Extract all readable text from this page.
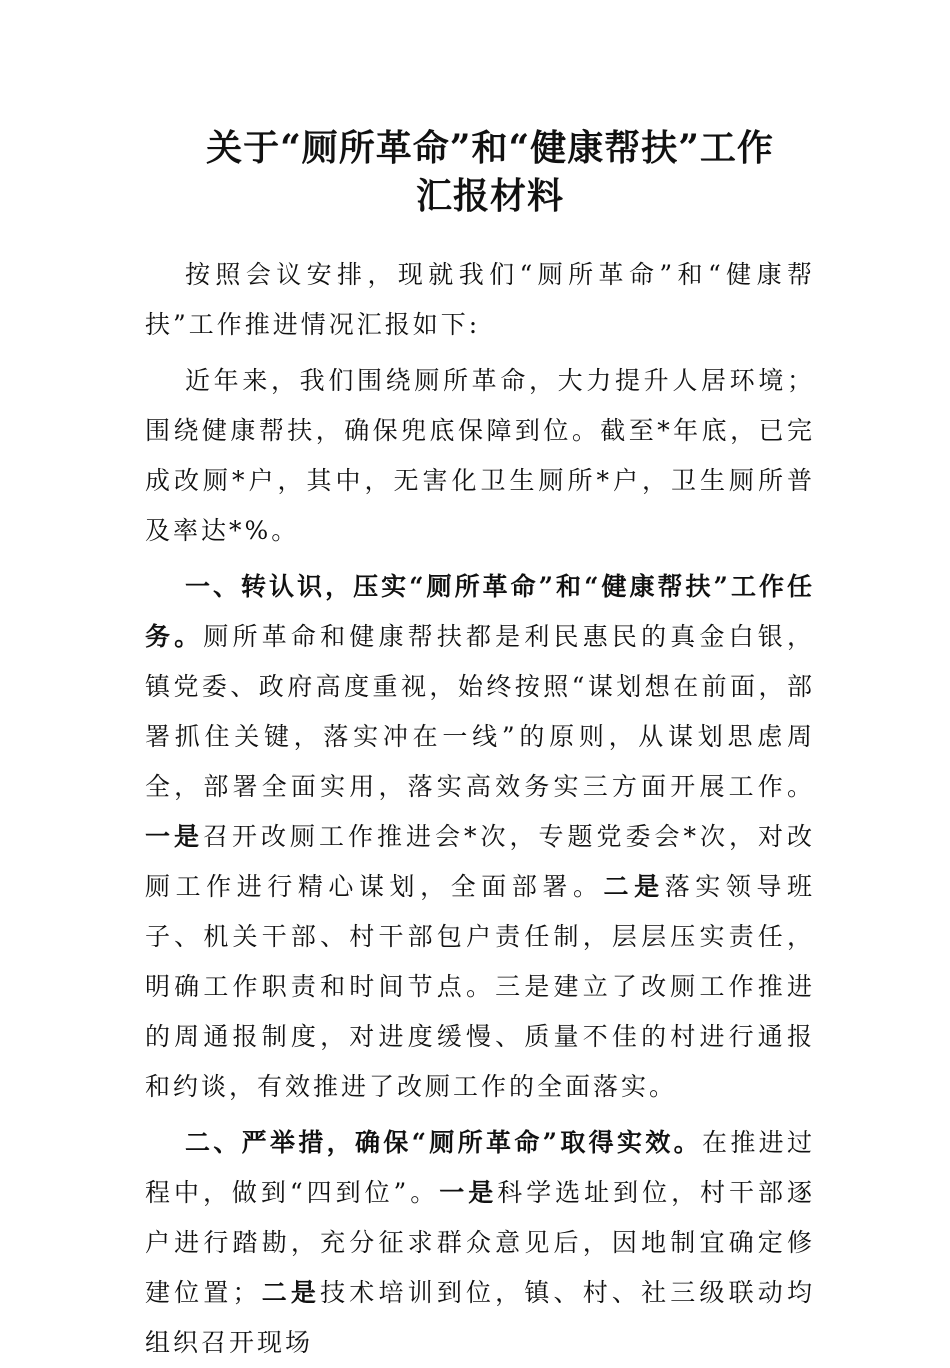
关于“厕所革命”和“健康帮扶”工作
汇报材料

按照会议安排，现就我们“厕所革命”和“健康帮扶”工作推进情况汇报如下:

近年来，我们围绕厕所革命，大力提升人居环境；围绕健康帮扶，确保兜底保障到位。截至*年底，已完成改厕*户，其中，无害化卫生厕所*户，卫生厕所普及率达*%。

一、转认识，压实“厕所革命”和“健康帮扶”工作任务。厕所革命和健康帮扶都是利民惠民的真金白银，镇党委、政府高度重视，始终按照“谋划想在前面，部署抓住关键，落实冲在一线”的原则，从谋划思虑周全，部署全面实用，落实高效务实三方面开展工作。一是召开改厕工作推进会*次，专题党委会*次，对改厕工作进行精心谋划，全面部署。二是落实领导班子、机关干部、村干部包户责任制，层层压实责任，明确工作职责和时间节点。三是建立了改厕工作推进的周通报制度，对进度缓慢、质量不佳的村进行通报和约谈，有效推进了改厕工作的全面落实。

二、严举措，确保“厕所革命”取得实效。在推进过程中，做到“四到位”。一是科学选址到位，村干部逐户进行踏勘，充分征求群众意见后，因地制宜确定修建位置；二是技术培训到位，镇、村、社三级联动均组织召开现场
